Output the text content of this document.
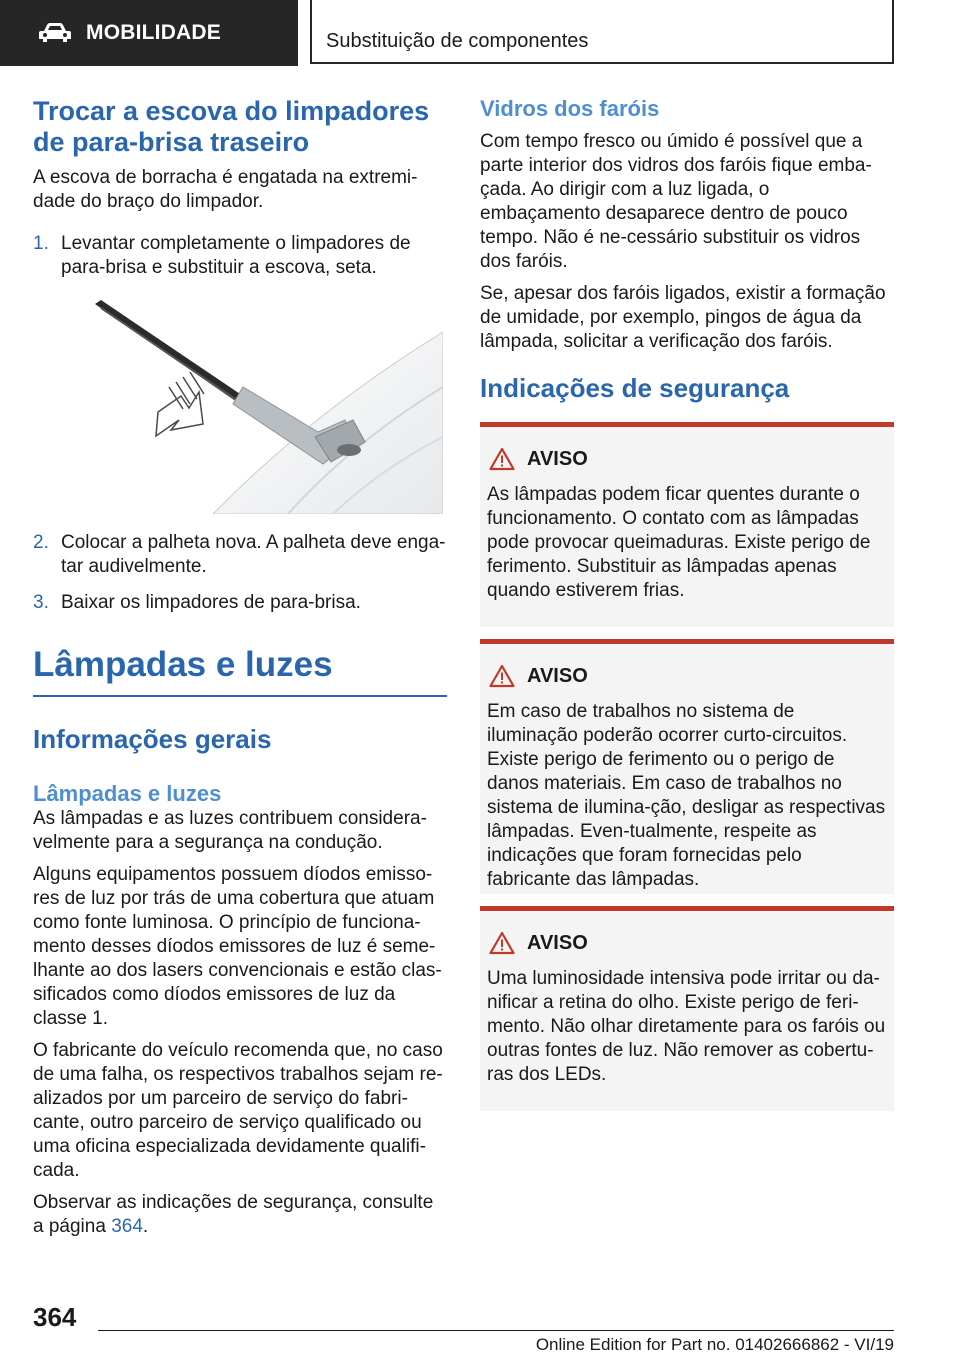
MOBILIDADE	Substituição de componentes
Trocar a escova do limpadores de para-brisa traseiro

A escova de borracha é engatada na extremi-dade do braço do limpador.

1. Levantar completamente o limpadores de para-brisa e substituir a escova, seta.
2. Colocar a palheta nova. A palheta deve enga-tar audivelmente.
3. Baixar os limpadores de para-brisa.
Lâmpadas e luzes
Informações gerais
Lâmpadas e luzes

As lâmpadas e as luzes contribuem considera-velmente para a segurança na condução.

Alguns equipamentos possuem díodos emisso-res de luz por trás de uma cobertura que atuam como fonte luminosa. O princípio de funciona-mento desses díodos emissores de luz é seme-lhante ao dos lasers convencionais e estão clas-sificados como díodos emissores de luz da classe 1.

O fabricante do veículo recomenda que, no caso de uma falha, os respectivos trabalhos sejam re-alizados por um parceiro de serviço do fabri-cante, outro parceiro de serviço qualificado ou uma oficina especializada devidamente qualifi-cada.

Observar as indicações de segurança, consulte a página 364.

Vidros dos faróis

Com tempo fresco ou úmido é possível que a parte interior dos vidros dos faróis fique emba-çada. Ao dirigir com a luz ligada, o embaçamento desaparece dentro de pouco tempo. Não é ne-cessário substituir os vidros dos faróis.

Se, apesar dos faróis ligados, existir a formação de umidade, por exemplo, pingos de água da lâmpada, solicitar a verificação dos faróis.

Indicações de segurança
AVISO

As lâmpadas podem ficar quentes durante o funcionamento. O contato com as lâmpadas pode provocar queimaduras. Existe perigo de ferimento. Substituir as lâmpadas apenas quando estiverem frias.

AVISO

Em caso de trabalhos no sistema de iluminação poderão ocorrer curto-circuitos. Existe perigo de ferimento ou o perigo de danos materiais. Em caso de trabalhos no sistema de ilumina-ção, desligar as respectivas lâmpadas. Even-tualmente, respeite as indicações que foram fornecidas pelo fabricante das lâmpadas.

AVISO

Uma luminosidade intensiva pode irritar ou da-nificar a retina do olho. Existe perigo de feri-mento. Não olhar diretamente para os faróis ou outras fontes de luz. Não remover as cobertu-ras dos LEDs.

364
Online Edition for Part no. 01402666862 - VI/19
